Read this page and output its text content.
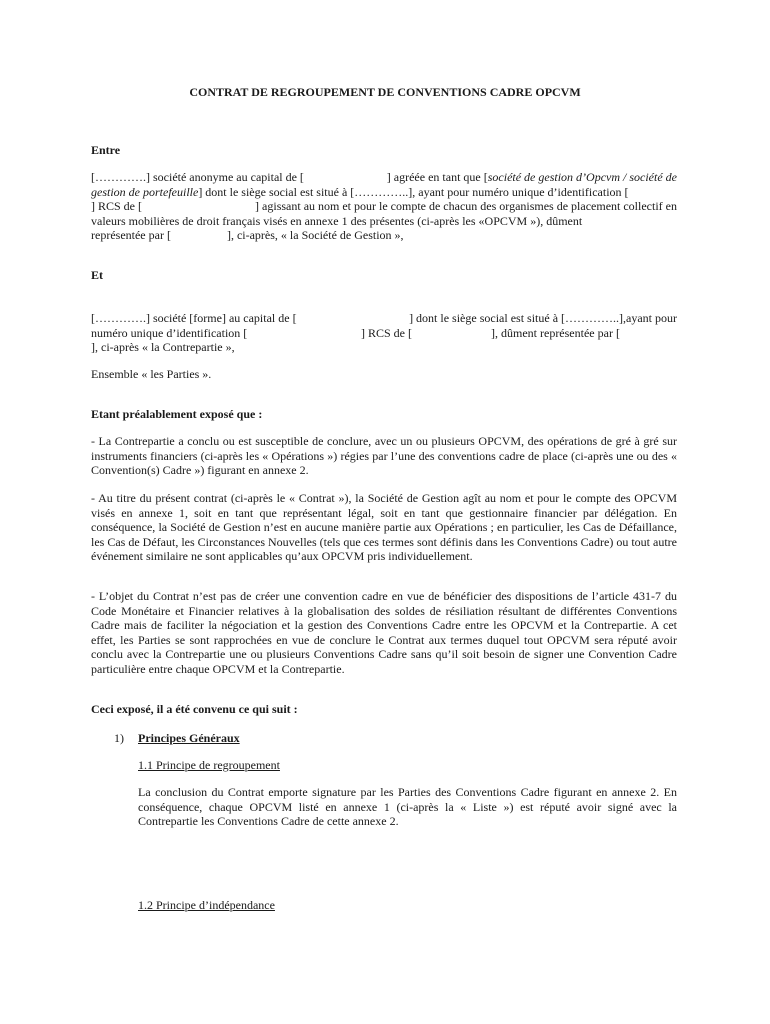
CONTRAT DE REGROUPEMENT DE CONVENTIONS CADRE OPCVM
Entre
[………….] société anonyme au capital de [	] agréée en tant que [société de gestion d’Opcvm / société de
gestion de portefeuille] dont le siège social est situé à […………..], ayant pour numéro unique d’identification [
] RCS de [	] agissant au nom et pour le compte de chacun des organismes de placement collectif en
valeurs mobilières de droit français visés en annexe 1 des présentes (ci-après les «OPCVM »), dûment
représentée par [	], ci-après, « la Société de Gestion »,
Et
[………….] société [forme] au capital de [	] dont le siège social est situé à […………..],ayant pour
numéro unique d’identification [	] RCS de [	], dûment représentée par [
], ci-après « la Contrepartie »,
Ensemble « les Parties ».
Etant préalablement exposé que :
- La Contrepartie a conclu ou est susceptible de conclure, avec un ou plusieurs OPCVM, des opérations de gré à gré sur instruments financiers (ci-après les « Opérations ») régies par l’une des conventions cadre de place (ci-après une ou des « Convention(s) Cadre ») figurant en annexe 2.
- Au titre du présent contrat (ci-après le « Contrat »), la Société de Gestion agît au nom et pour le compte des OPCVM visés en annexe 1, soit en tant que représentant légal, soit en tant que gestionnaire financier par délégation. En conséquence, la Société de Gestion n’est en aucune manière partie aux Opérations ; en particulier, les Cas de Défaillance, les Cas de Défaut, les Circonstances Nouvelles (tels que ces termes sont définis dans les Conventions Cadre) ou tout autre événement similaire ne sont applicables qu’aux OPCVM pris individuellement.
- L’objet du Contrat n’est pas de créer une convention cadre en vue de bénéficier des dispositions de l’article 431-7 du Code Monétaire et Financier relatives à la globalisation des soldes de résiliation résultant de différentes Conventions Cadre mais de faciliter la négociation et la gestion des Conventions Cadre entre les OPCVM et la Contrepartie. A cet effet, les Parties se sont rapprochées en vue de conclure le Contrat aux termes duquel tout OPCVM sera réputé avoir conclu avec la Contrepartie une ou plusieurs Conventions Cadre sans qu’il soit besoin de signer une Convention Cadre particulière entre chaque OPCVM et la Contrepartie.
Ceci exposé, il a été convenu ce qui suit :
1) Principes Généraux
1.1 Principe de regroupement
La conclusion du Contrat emporte signature par les Parties des Conventions Cadre figurant en annexe 2. En conséquence, chaque OPCVM listé en annexe 1 (ci-après la « Liste ») est réputé avoir signé avec la Contrepartie les Conventions Cadre de cette annexe 2.
1.2 Principe d’indépendance
